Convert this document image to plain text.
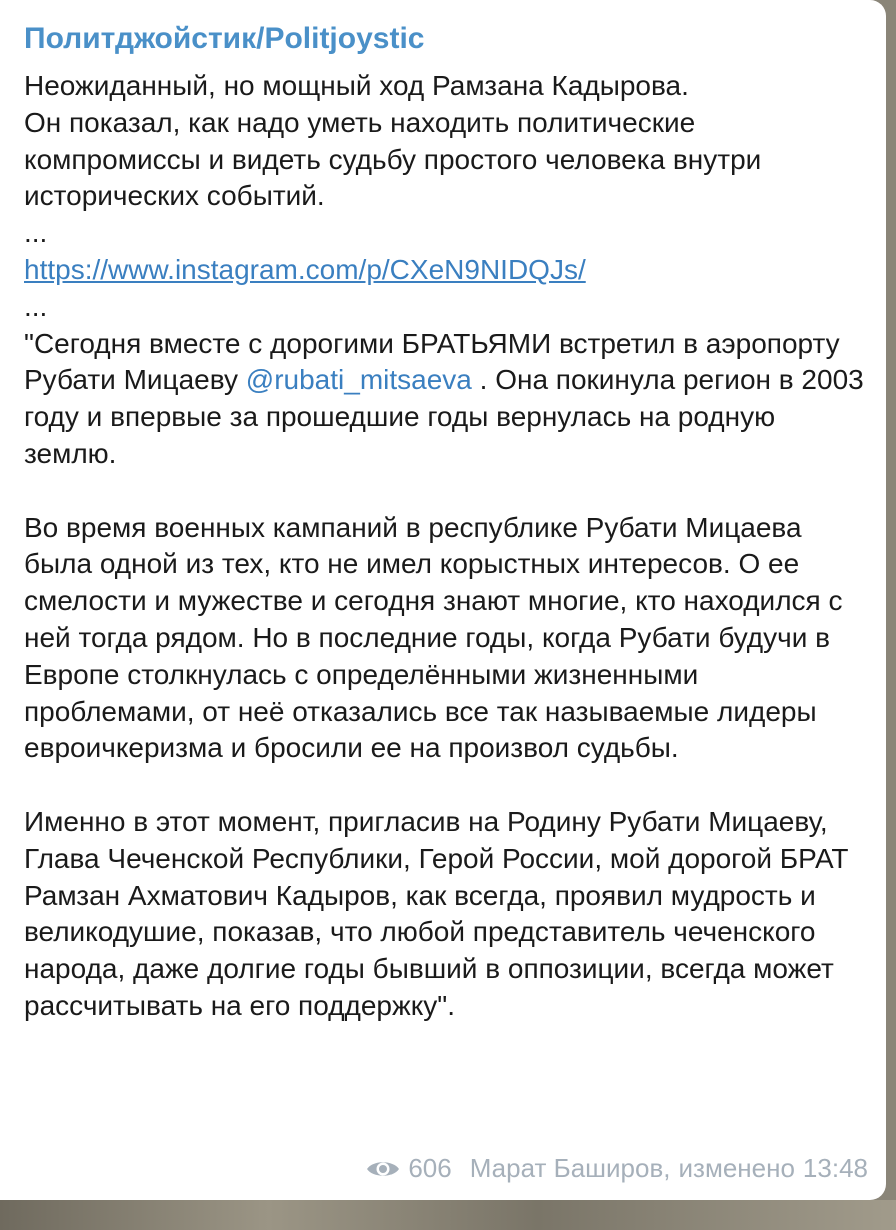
Политджойстик/Politjoystic

Неожиданный, но мощный ход Рамзана Кадырова.
Он показал, как надо уметь находить политические компромиссы и видеть судьбу простого человека внутри исторических событий.
...
https://www.instagram.com/p/CXeN9NIDQJs/
...
"Сегодня вместе с дорогими БРАТЬЯМИ встретил в аэропорту Рубати Мицаеву @rubati_mitsaeva . Она покинула регион в 2003 году и впервые за прошедшие годы вернулась на родную землю.

Во время военных кампаний в республике Рубати Мицаева была одной из тех, кто не имел корыстных интересов. О ее смелости и мужестве и сегодня знают многие, кто находился с ней тогда рядом. Но в последние годы, когда Рубати будучи в Европе столкнулась с определёнными жизненными проблемами, от неё отказались все так называемые лидеры евроичкеризма и бросили ее на произвол судьбы.

Именно в этот момент, пригласив на Родину Рубати Мицаеву, Глава Чеченской Республики, Герой России, мой дорогой БРАТ Рамзан Ахматович Кадыров, как всегда, проявил мудрость и великодушие, показав, что любой представитель чеченского народа, даже долгие годы бывший в оппозиции, всегда может рассчитывать на его поддержку".

606 Марат Баширов, изменено 13:48
